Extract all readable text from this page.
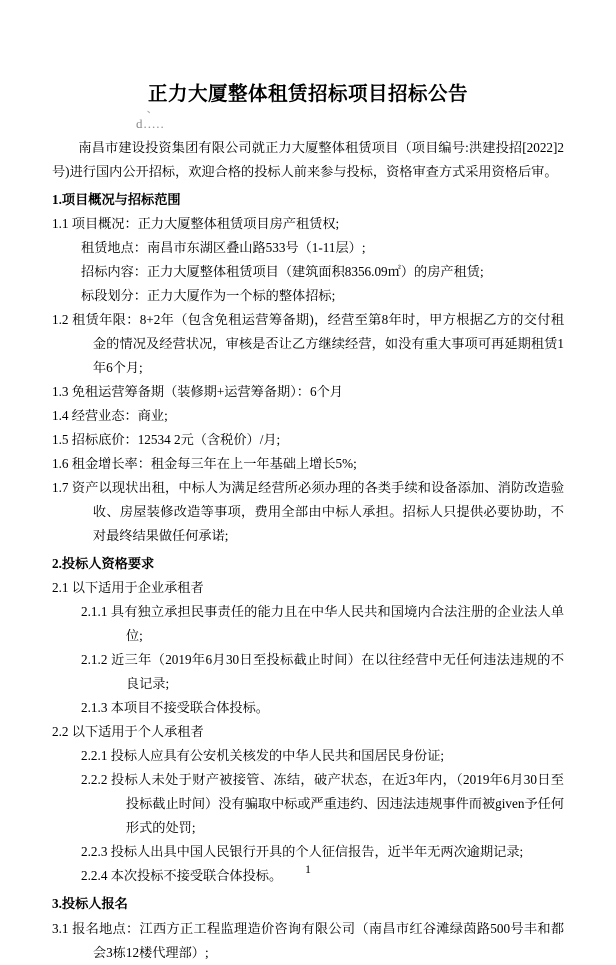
、
d.....
正力大厦整体租赁招标项目招标公告

南昌市建设投资集团有限公司就正力大厦整体租赁项目（项目编号:洪建投招[2022]2号)进行国内公开招标，欢迎合格的投标人前来参与投标，资格审查方式采用资格后审。

1.项目概况与招标范围

1.1 项目概况：正力大厦整体租赁项目房产租赁权;

租赁地点：南昌市东湖区叠山路533号（1-11层）;

招标内容：正力大厦整体租赁项目（建筑面积8356.09㎡）的房产租赁;

标段划分：正力大厦作为一个标的整体招标;

1.2 租赁年限：8+2年（包含免租运营筹备期)，经营至第8年时，甲方根据乙方的交付租金的情况及经营状况，审核是否让乙方继续经营，如没有重大事项可再延期租赁1年6个月;

1.3 免租运营筹备期（装修期+运营筹备期）：6个月

1.4 经营业态：商业;

1.5 招标底价：12534 2元（含税价）/月;

1.6 租金增长率：租金每三年在上一年基础上增长5%;

1.7 资产以现状出租，中标人为满足经营所必须办理的各类手续和设备添加、消防改造验收、房屋装修改造等事项，费用全部由中标人承担。招标人只提供必要协助，不对最终结果做任何承诺;

2.投标人资格要求

2.1 以下适用于企业承租者

2.1.1 具有独立承担民事责任的能力且在中华人民共和国境内合法注册的企业法人单位;

2.1.2 近三年（2019年6月30日至投标截止时间）在以往经营中无任何违法违规的不良记录;

2.1.3 本项目不接受联合体投标。

2.2 以下适用于个人承租者

2.2.1 投标人应具有公安机关核发的中华人民共和国居民身份证;

2.2.2 投标人未处于财产被接管、冻结，破产状态，在近3年内，（2019年6月30日至投标截止时间）没有骗取中标或严重违约、因违法违规事件而被given予任何形式的处罚;

2.2.3 投标人出具中国人民银行开具的个人征信报告，近半年无两次逾期记录;

2.2.4 本次投标不接受联合体投标。

3.投标人报名

3.1 报名地点：江西方正工程监理造价咨询有限公司（南昌市红谷滩绿茵路500号丰和都会3栋12楼代理部）;

1
